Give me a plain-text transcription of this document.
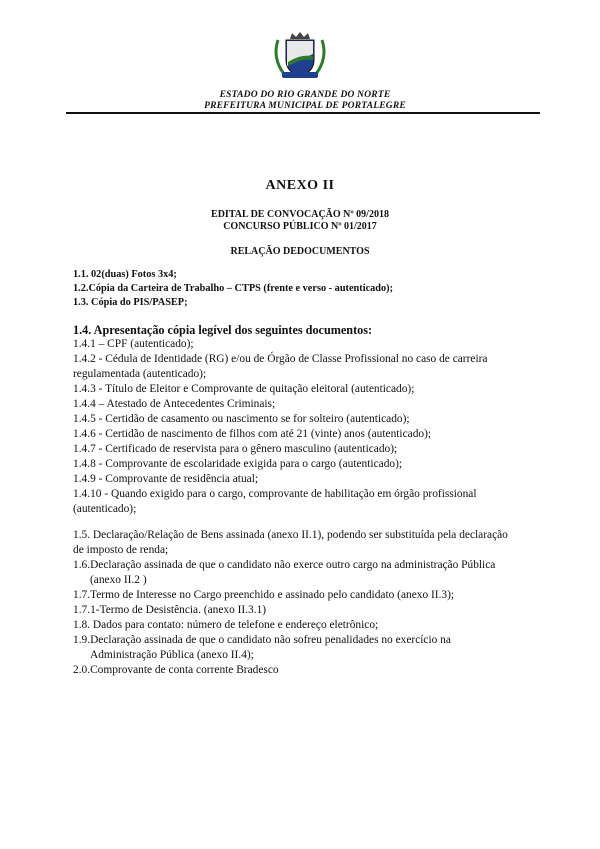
ESTADO DO RIO GRANDE DO NORTE
PREFEITURA MUNICIPAL DE PORTALEGRE
ANEXO II
EDITAL DE CONVOCAÇÃO Nº 09/2018
CONCURSO PÚBLICO Nº 01/2017
RELAÇÃO DEDOCUMENTOS
1.1. 02(duas) Fotos 3x4;
1.2.Cópia da Carteira de Trabalho – CTPS (frente e verso - autenticado);
1.3. Cópia do PIS/PASEP;
1.4. Apresentação cópia legível dos seguintes documentos:
1.4.1 – CPF (autenticado);
1.4.2 - Cédula de Identidade (RG) e/ou de Órgão de Classe Profissional no caso de carreira
regulamentada (autenticado);
1.4.3 - Título de Eleitor e Comprovante de quitação eleitoral (autenticado);
1.4.4 – Atestado de Antecedentes Criminais;
1.4.5 - Certidão de casamento ou nascimento se for solteiro (autenticado);
1.4.6 - Certidão de nascimento de filhos com até 21 (vinte) anos (autenticado);
1.4.7 - Certificado de reservista para o gênero masculino (autenticado);
1.4.8 - Comprovante de escolaridade exigida para o cargo (autenticado);
1.4.9 - Comprovante de residência atual;
1.4.10 - Quando exigido para o cargo, comprovante de habilitação em órgão profissional
(autenticado);
1.5. Declaração/Relação de Bens assinada (anexo II.1), podendo ser substituída pela declaração
de imposto de renda;
1.6.Declaração assinada de que o candidato não exerce outro cargo na administração Pública
(anexo II.2 )
1.7.Termo de Interesse no Cargo preenchido e assinado pelo candidato (anexo II.3);
1.7.1-Termo de Desistência. (anexo II.3.1)
1.8. Dados para contato: número de telefone e endereço eletrônico;
1.9.Declaração assinada de que o candidato não sofreu penalidades no exercício na
Administração Pública (anexo II.4);
2.0.Comprovante de conta corrente Bradesco
